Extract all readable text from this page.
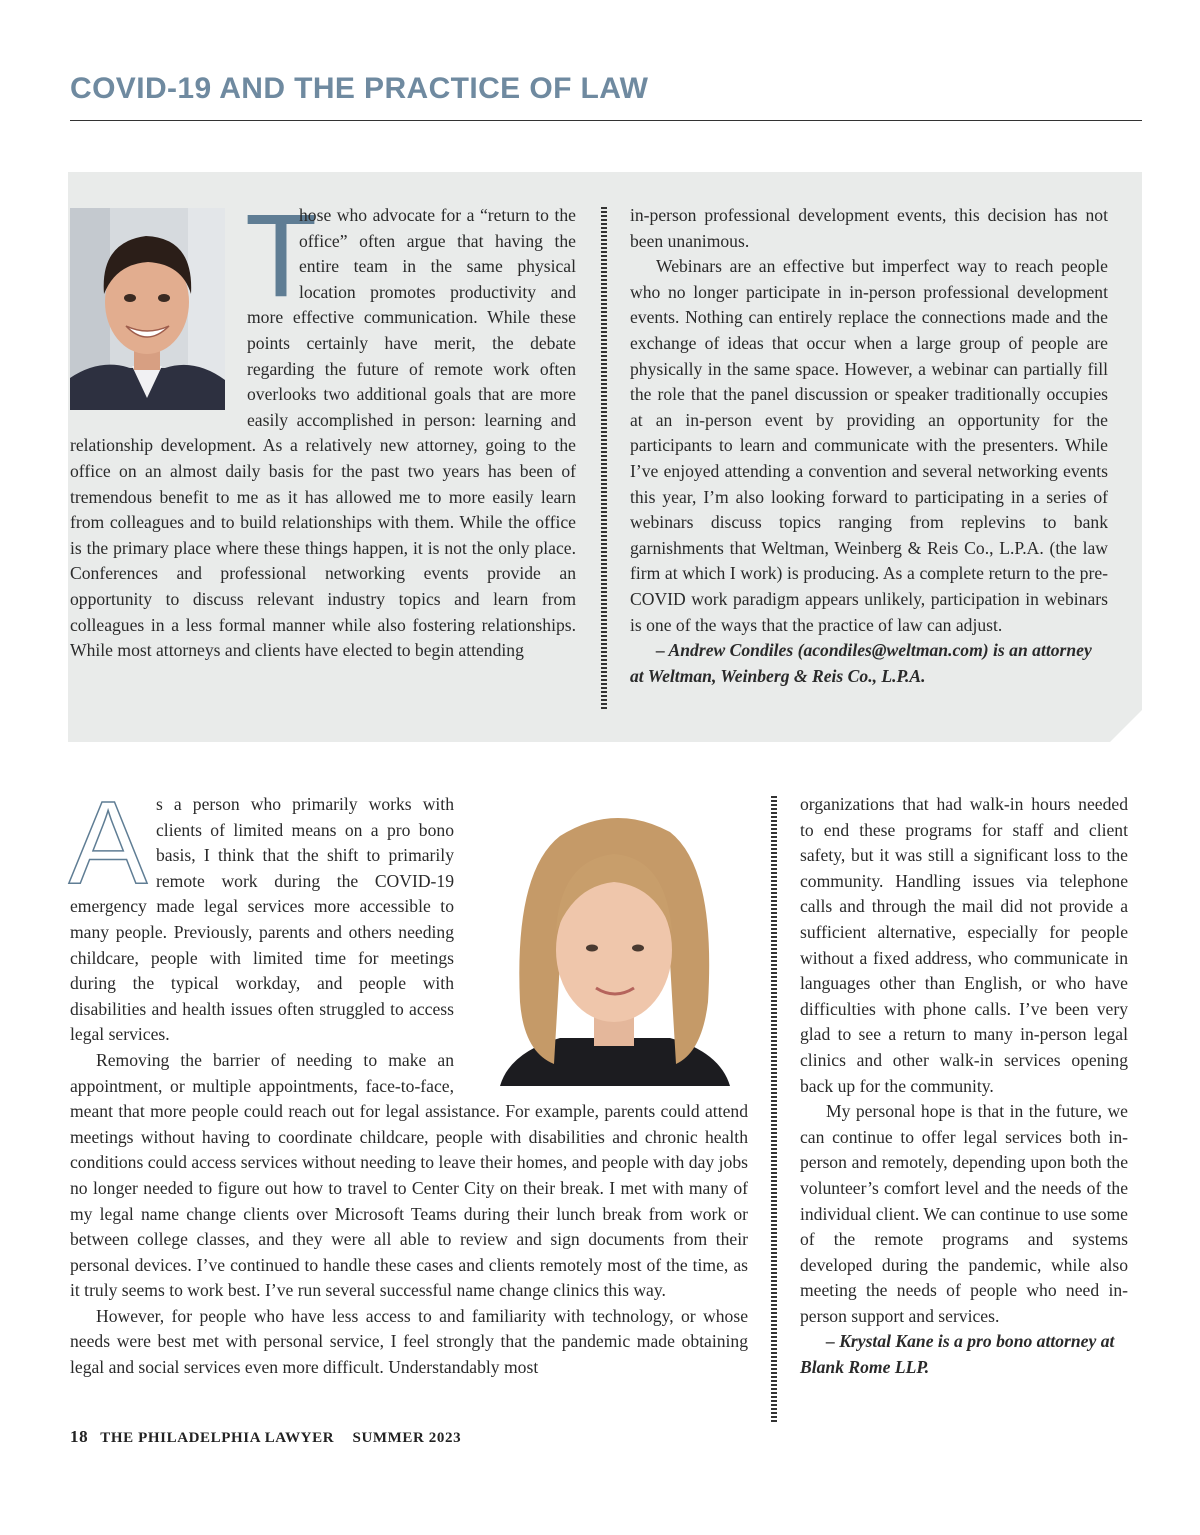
COVID-19 AND THE PRACTICE OF LAW
T

hose who advocate for a “return to the office” often argue that having the entire team in the same physical location promotes productivity and more effective communication. While these points certainly have merit, the debate regarding the future of remote work often overlooks two additional goals that are more easily accomplished in person: learning and relationship development. As a relatively new attorney, going to the office on an almost daily basis for the past two years has been of tremendous benefit to me as it has allowed me to more easily learn from colleagues and to build relationships with them. While the office is the primary place where these things happen, it is not the only place. Conferences and professional networking events provide an opportunity to discuss relevant industry topics and learn from colleagues in a less formal manner while also fostering relationships. While most attorneys and clients have elected to begin attending

in-person professional development events, this decision has not been unanimous.

Webinars are an effective but imperfect way to reach people who no longer participate in in-person professional development events. Nothing can entirely replace the connections made and the exchange of ideas that occur when a large group of people are physically in the same space. However, a webinar can partially fill the role that the panel discussion or speaker traditionally occupies at an in-person event by providing an opportunity for the participants to learn and communicate with the presenters. While I’ve enjoyed attending a convention and several networking events this year, I’m also looking forward to participating in a series of webinars discuss topics ranging from replevins to bank garnishments that Weltman, Weinberg & Reis Co., L.P.A. (the law firm at which I work) is producing. As a complete return to the pre-COVID work paradigm appears unlikely, participation in webinars is one of the ways that the practice of law can adjust.

– Andrew Condiles (acondiles@weltman.com) is an attorney at Weltman, Weinberg & Reis Co., L.P.A.

A s a person who primarily works with clients of limited means on a pro bono basis, I think that the shift to primarily remote work during the COVID-19 emergency made legal services more accessible to many people. Previously, parents and others needing childcare, people with limited time for meetings during the typical workday, and people with disabilities and health issues often struggled to access legal services.

Removing the barrier of needing to make an appointment, or multiple appointments, face-to-face, meant that more people could reach out for legal assistance. For example, parents could attend meetings without having to coordinate childcare, people with disabilities and chronic health conditions could access services without needing to leave their homes, and people with day jobs no longer needed to figure out how to travel to Center City on their break. I met with many of my legal name change clients over Microsoft Teams during their lunch break from work or between college classes, and they were all able to review and sign documents from their personal devices. I’ve continued to handle these cases and clients remotely most of the time, as it truly seems to work best. I’ve run several successful name change clinics this way.

However, for people who have less access to and familiarity with technology, or whose needs were best met with personal service, I feel strongly that the pandemic made obtaining legal and social services even more difficult. Understandably most

organizations that had walk-in hours needed to end these programs for staff and client safety, but it was still a significant loss to the community. Handling issues via telephone calls and through the mail did not provide a sufficient alternative, especially for people without a fixed address, who communicate in languages other than English, or who have difficulties with phone calls. I’ve been very glad to see a return to many in-person legal clinics and other walk-in services opening back up for the community.

My personal hope is that in the future, we can continue to offer legal services both in-person and remotely, depending upon both the volunteer’s comfort level and the needs of the individual client. We can continue to use some of the remote programs and systems developed during the pandemic, while also meeting the needs of people who need in-person support and services.

– Krystal Kane is a pro bono attorney at Blank Rome LLP.

18 THE PHILADELPHIA LAWYER SUMMER 2023
